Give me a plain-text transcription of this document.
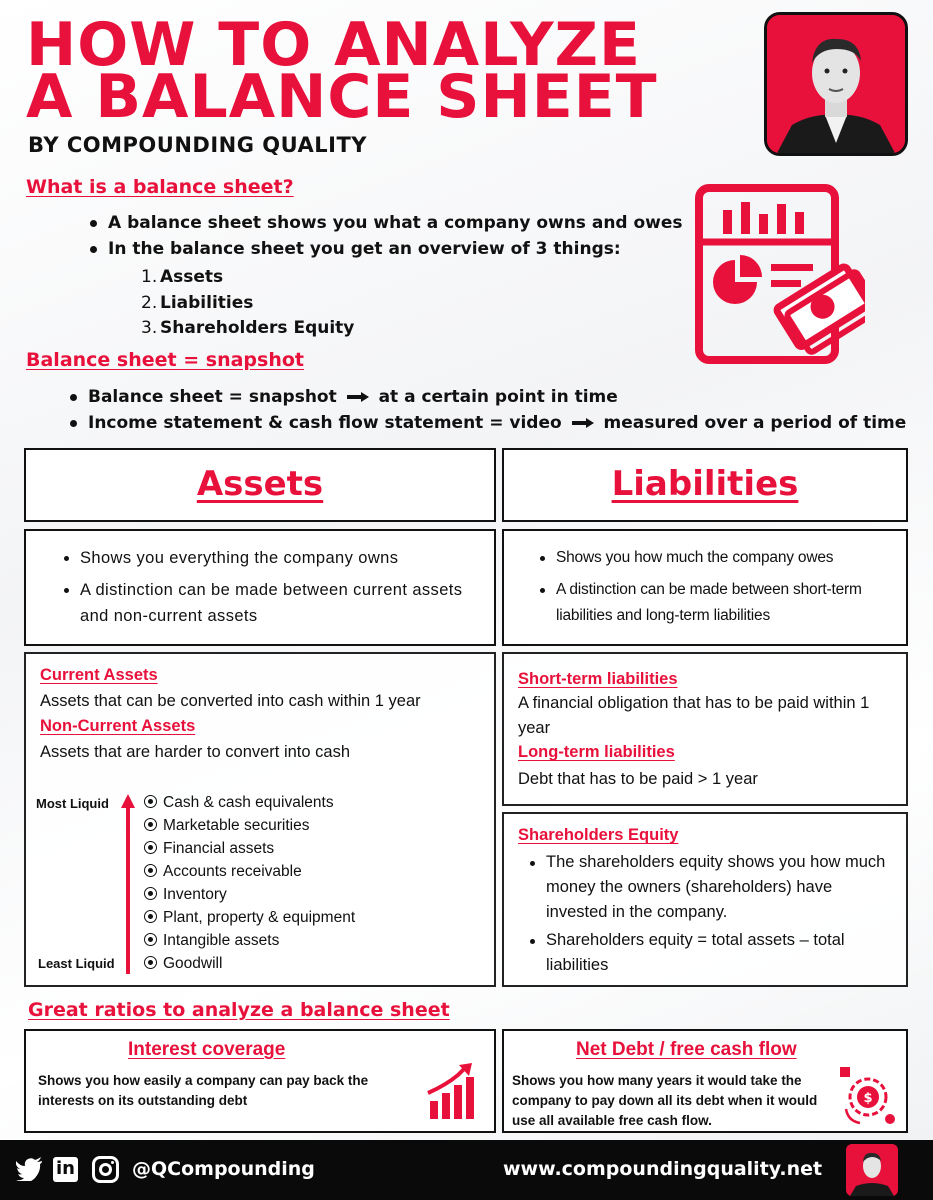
HOW TO ANALYZE
A BALANCE SHEET
BY COMPOUNDING QUALITY
What is a balance sheet?
A balance sheet shows you what a company owns and owes
In the balance sheet you get an overview of 3 things:
1. Assets
2. Liabilities
3. Shareholders Equity
Balance sheet = snapshot
Balance sheet = snapshot at a certain point in time
Income statement & cash flow statement = video measured over a period of time
Assets	Liabilities
Shows you everything the company owns
A distinction can be made between current assets and non-current assets
Shows you how much the company owes
A distinction can be made between short-term liabilities and long-term liabilities
Current Assets
Assets that can be converted into cash within 1 year
Non-Current Assets
Assets that are harder to convert into cash
Most Liquid
Least Liquid
Cash & cash equivalents
Marketable securities
Financial assets
Accounts receivable
Inventory
Plant, property & equipment
Intangible assets
Goodwill
Short-term liabilities
A financial obligation that has to be paid within 1 year
Long-term liabilities
Debt that has to be paid > 1 year
Shareholders Equity
The shareholders equity shows you how much money the owners (shareholders) have invested in the company.
Shareholders equity = total assets – total liabilities
Great ratios to analyze a balance sheet
Interest coverage
Shows you how easily a company can pay back the interests on its outstanding debt
Net Debt / free cash flow
Shows you how many years it would take the company to pay down all its debt when it would use all available free cash flow.
$
in	@QCompounding	www.compoundingquality.net
